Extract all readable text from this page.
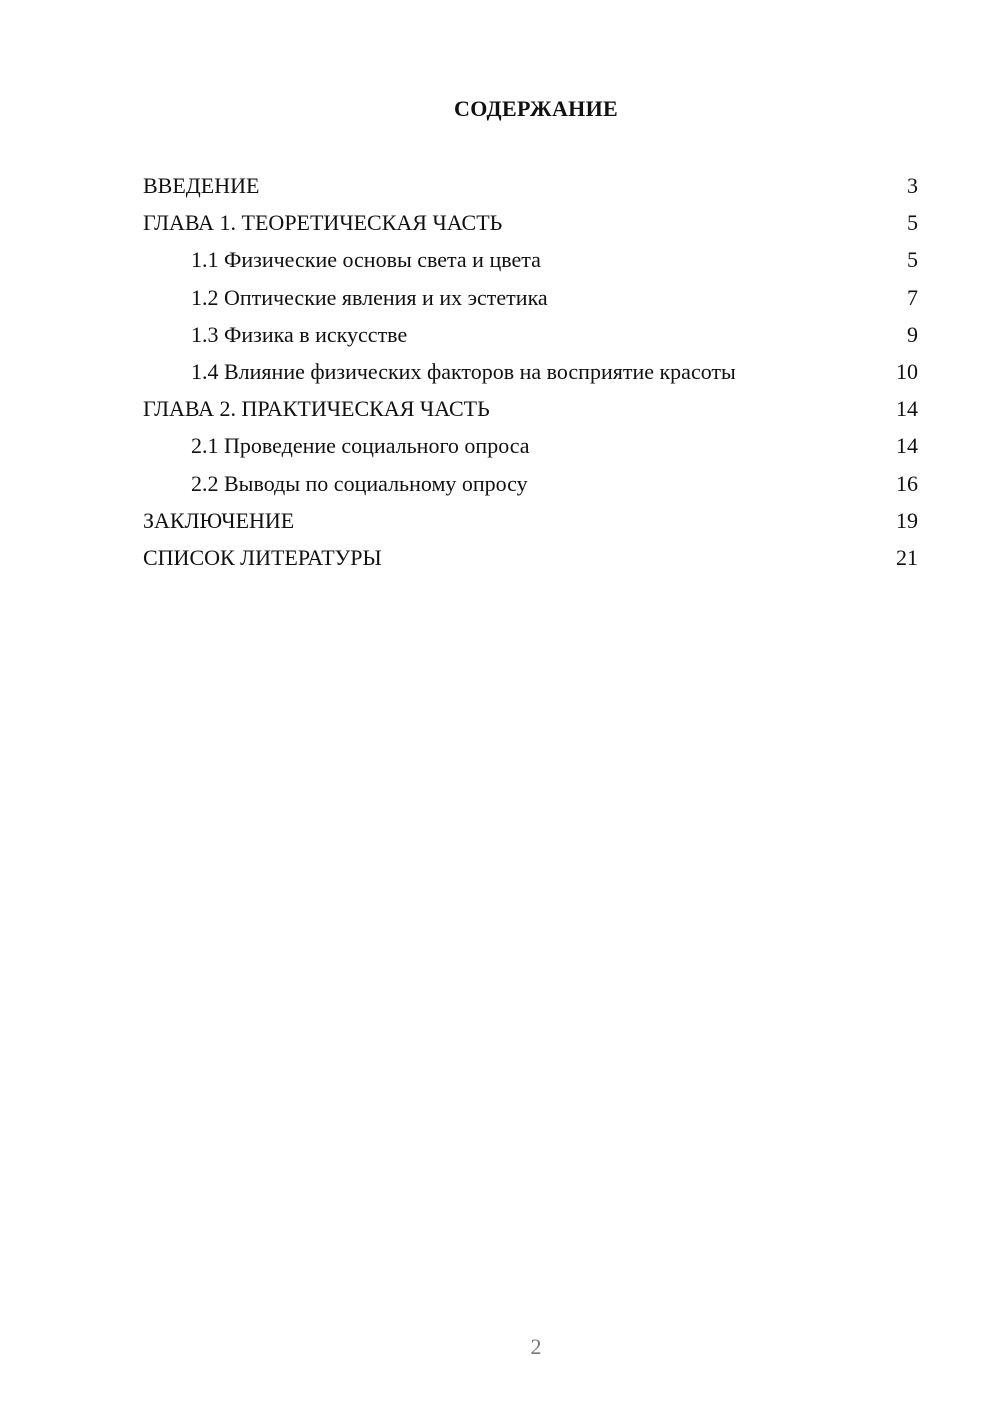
СОДЕРЖАНИЕ
ВВЕДЕНИЕ	3
ГЛАВА 1. ТЕОРЕТИЧЕСКАЯ ЧАСТЬ	5
1.1 Физические основы света и цвета	5
1.2 Оптические явления и их эстетика	7
1.3 Физика в искусстве	9
1.4 Влияние физических факторов на восприятие красоты	10
ГЛАВА 2. ПРАКТИЧЕСКАЯ ЧАСТЬ	14
2.1 Проведение социального опроса	14
2.2 Выводы по социальному опросу	16
ЗАКЛЮЧЕНИЕ	19
СПИСОК ЛИТЕРАТУРЫ	21
2
